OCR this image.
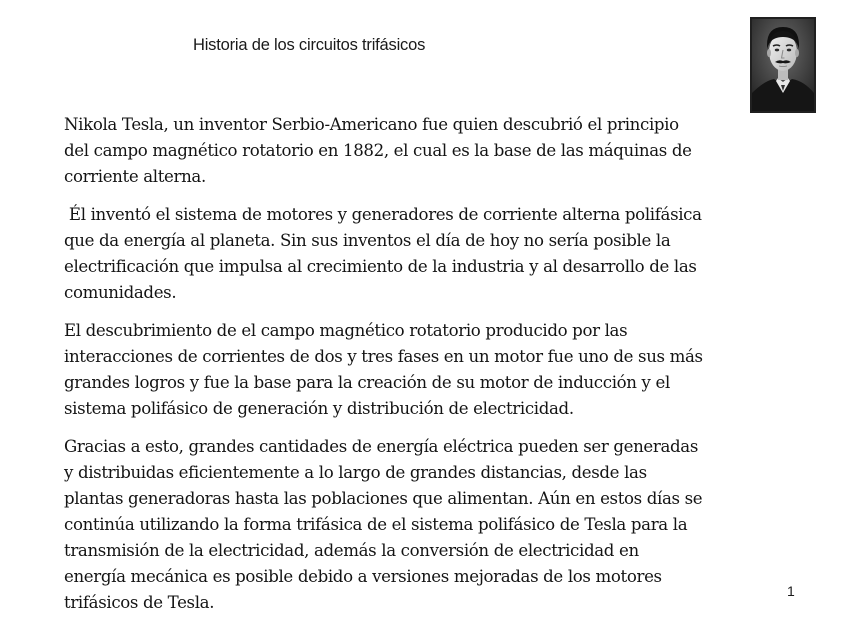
Historia de los circuitos trifásicos

Nikola Tesla, un inventor Serbio-Americano fue quien descubrió el principio
del campo magnético rotatorio en 1882, el cual es la base de las máquinas de
corriente alterna.

Él inventó el sistema de motores y generadores de corriente alterna polifásica
que da energía al planeta. Sin sus inventos el día de hoy no sería posible la
electrificación que impulsa al crecimiento de la industria y al desarrollo de las
comunidades.

El descubrimiento de el campo magnético rotatorio producido por las
interacciones de corrientes de dos y tres fases en un motor fue uno de sus más
grandes logros y fue la base para la creación de su motor de inducción y el
sistema polifásico de generación y distribución de electricidad.

Gracias a esto, grandes cantidades de energía eléctrica pueden ser generadas
y distribuidas eficientemente a lo largo de grandes distancias, desde las
plantas generadoras hasta las poblaciones que alimentan. Aún en estos días se
continúa utilizando la forma trifásica de el sistema polifásico de Tesla para la
transmisión de la electricidad, además la conversión de electricidad en
energía mecánica es posible debido a versiones mejoradas de los motores
trifásicos de Tesla.

1
